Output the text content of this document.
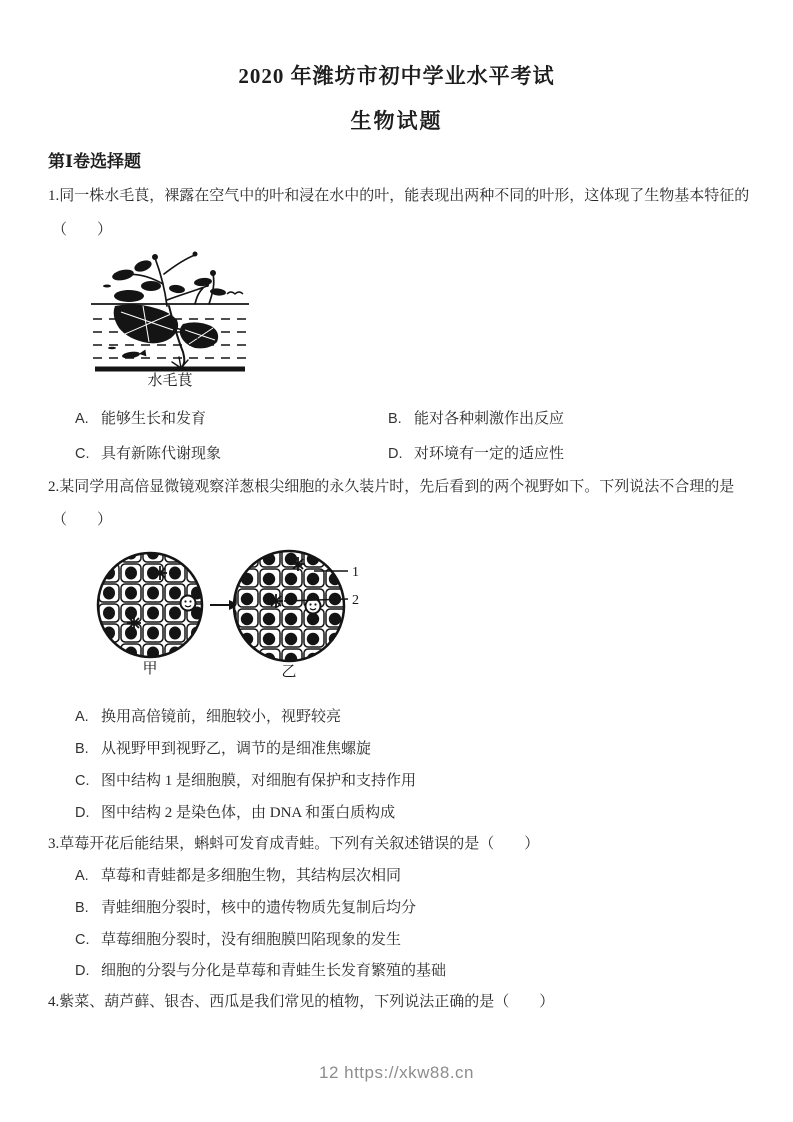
2020 年潍坊市初中学业水平考试
生物试题
第Ⅰ卷选择题
1.同一株水毛茛，裸露在空气中的叶和浸在水中的叶，能表现出两种不同的叶形，这体现了生物基本特征的
（　　）
水毛茛
A. 能够生长和发育	B. 能对各种刺激作出反应
C. 具有新陈代谢现象	D. 对环境有一定的适应性
2.某同学用高倍显微镜观察洋葱根尖细胞的永久装片时，先后看到的两个视野如下。下列说法不合理的是
（　　）
甲	乙
1
2
A. 换用高倍镜前，细胞较小，视野较亮
B. 从视野甲到视野乙，调节的是细准焦螺旋
C. 图中结构 1 是细胞膜，对细胞有保护和支持作用
D. 图中结构 2 是染色体，由 DNA 和蛋白质构成
3.草莓开花后能结果，蝌蚪可发育成青蛙。下列有关叙述错误的是（　　）
A. 草莓和青蛙都是多细胞生物，其结构层次相同
B. 青蛙细胞分裂时，核中的遗传物质先复制后均分
C. 草莓细胞分裂时，没有细胞膜凹陷现象的发生
D. 细胞的分裂与分化是草莓和青蛙生长发育繁殖的基础
4.紫菜、葫芦藓、银杏、西瓜是我们常见的植物，下列说法正确的是（　　）
12 https://xkw88.cn
